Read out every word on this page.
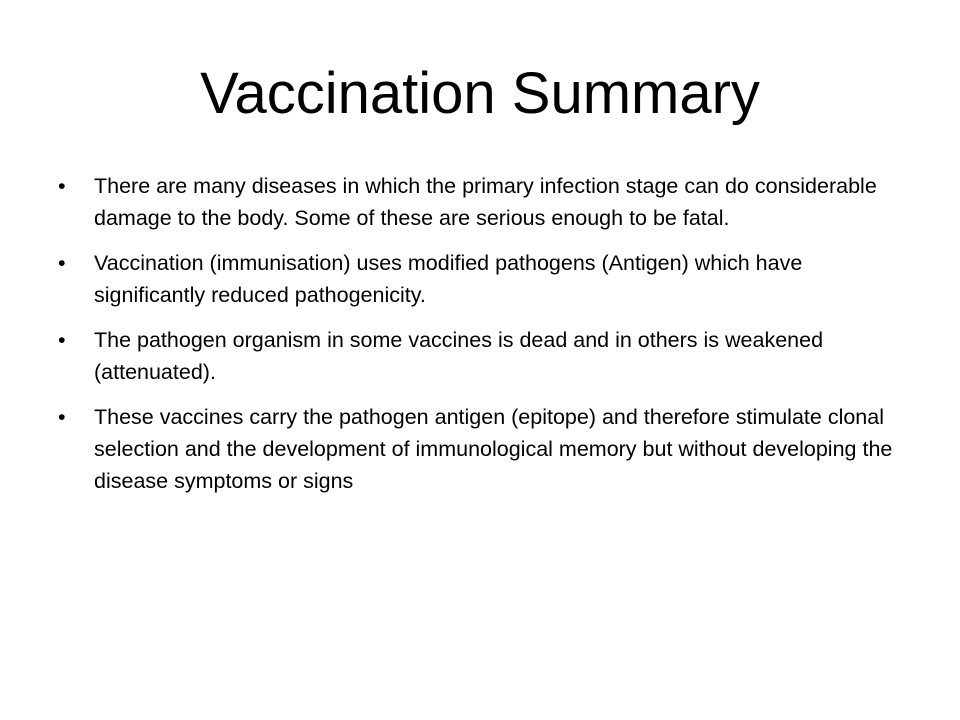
Vaccination Summary
• There are many diseases in which the primary infection stage can do considerable damage to the body. Some of these are serious enough to be fatal.
• Vaccination (immunisation) uses modified pathogens (Antigen) which have significantly reduced pathogenicity.
• The pathogen organism in some vaccines is dead and in others is weakened (attenuated).
• These vaccines carry the pathogen antigen (epitope) and therefore stimulate clonal selection and the development of immunological memory but without developing the disease symptoms or signs
